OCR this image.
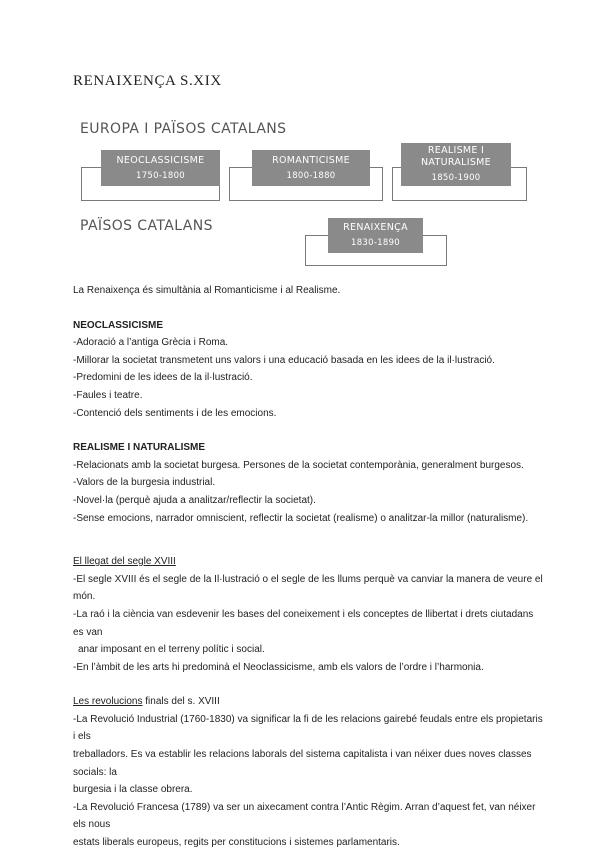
RENAIXENÇA S.XIX

EUROPA I PAÏSOS CATALANS

NEOCLASSICISME
1750-1800
ROMANTICISME
1800-1880
REALISME I NATURALISME
1850-1900

PAÏSOS CATALANS	RENAIXENÇA
1830-1890

La Renaixença és simultània al Romanticisme i al Realisme.

NEOCLASSICISME

-Adoració a l’antiga Grècia i Roma.

-Millorar la societat transmetent uns valors i una educació basada en les idees de la il·lustració.

-Predomini de les idees de la il·lustració.

-Faules i teatre.

-Contenció dels sentiments i de les emocions.

REALISME I NATURALISME

-Relacionats amb la societat burgesa. Persones de la societat contemporània, generalment burgesos.

-Valors de la burgesia industrial.

-Novel·la (perquè ajuda a analitzar/reflectir la societat).

-Sense emocions, narrador omniscient, reflectir la societat (realisme) o analitzar-la millor (naturalisme).

El llegat del segle XVIII

-El segle XVIII és el segle de la Il·lustració o el segle de les llums perquè va canviar la manera de veure el món.

-La raó i la ciència van esdevenir les bases del coneixement i els conceptes de llibertat i drets ciutadans es van

anar imposant en el terreny polític i social.

-En l’àmbit de les arts hi predominà el Neoclassicisme, amb els valors de l’ordre i l’harmonia.

Les revolucions finals del s. XVIII

-La Revolució Industrial (1760-1830) va significar la fi de les relacions gairebé feudals entre els propietaris i els

treballadors. Es va establir les relacions laborals del sistema capitalista i van néixer dues noves classes socials: la

burgesia i la classe obrera.

-La Revolució Francesa (1789) va ser un aixecament contra l’Antic Règim. Arran d’aquest fet, van néixer els nous

estats liberals europeus, regits per constitucions i sistemes parlamentaris.
